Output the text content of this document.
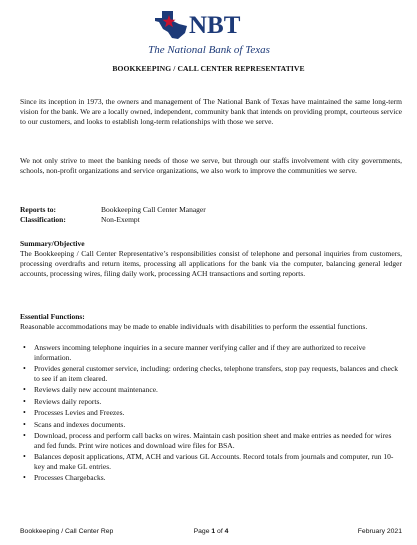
NBT
The National Bank of Texas
BOOKKEEPING / CALL CENTER REPRESENTATIVE
Since its inception in 1973, the owners and management of The National Bank of Texas have maintained the same long-term vision for the bank. We are a locally owned, independent, community bank that intends on providing prompt, courteous service to our customers, and looks to establish long-term relationships with those we serve.
We not only strive to meet the banking needs of those we serve, but through our staffs involvement with city governments, schools, non-profit organizations and service organizations, we also work to improve the communities we serve.
Reports to:	Bookkeeping Call Center Manager
Classification:	Non-Exempt
Summary/Objective
The Bookkeeping / Call Center Representative’s responsibilities consist of telephone and personal inquiries from customers, processing overdrafts and return items, processing all applications for the bank via the computer, balancing general ledger accounts, processing wires, filing daily work, processing ACH transactions and sorting reports.
Essential Functions:
Reasonable accommodations may be made to enable individuals with disabilities to perform the essential functions.
• Answers incoming telephone inquiries in a secure manner verifying caller and if they are authorized to receive information.
• Provides general customer service, including: ordering checks, telephone transfers, stop pay requests, balances and check to see if an item cleared.
• Reviews daily new account maintenance.
• Reviews daily reports.
• Processes Levies and Freezes.
• Scans and indexes documents.
• Download, process and perform call backs on wires. Maintain cash position sheet and make entries as needed for wires and fed funds. Print wire notices and download wire files for BSA.
• Balances deposit applications, ATM, ACH and various GL Accounts. Record totals from journals and computer, run 10-key and make GL entries.
• Processes Chargebacks.
Bookkeeping / Call Center Rep	Page 1 of 4	February 2021
